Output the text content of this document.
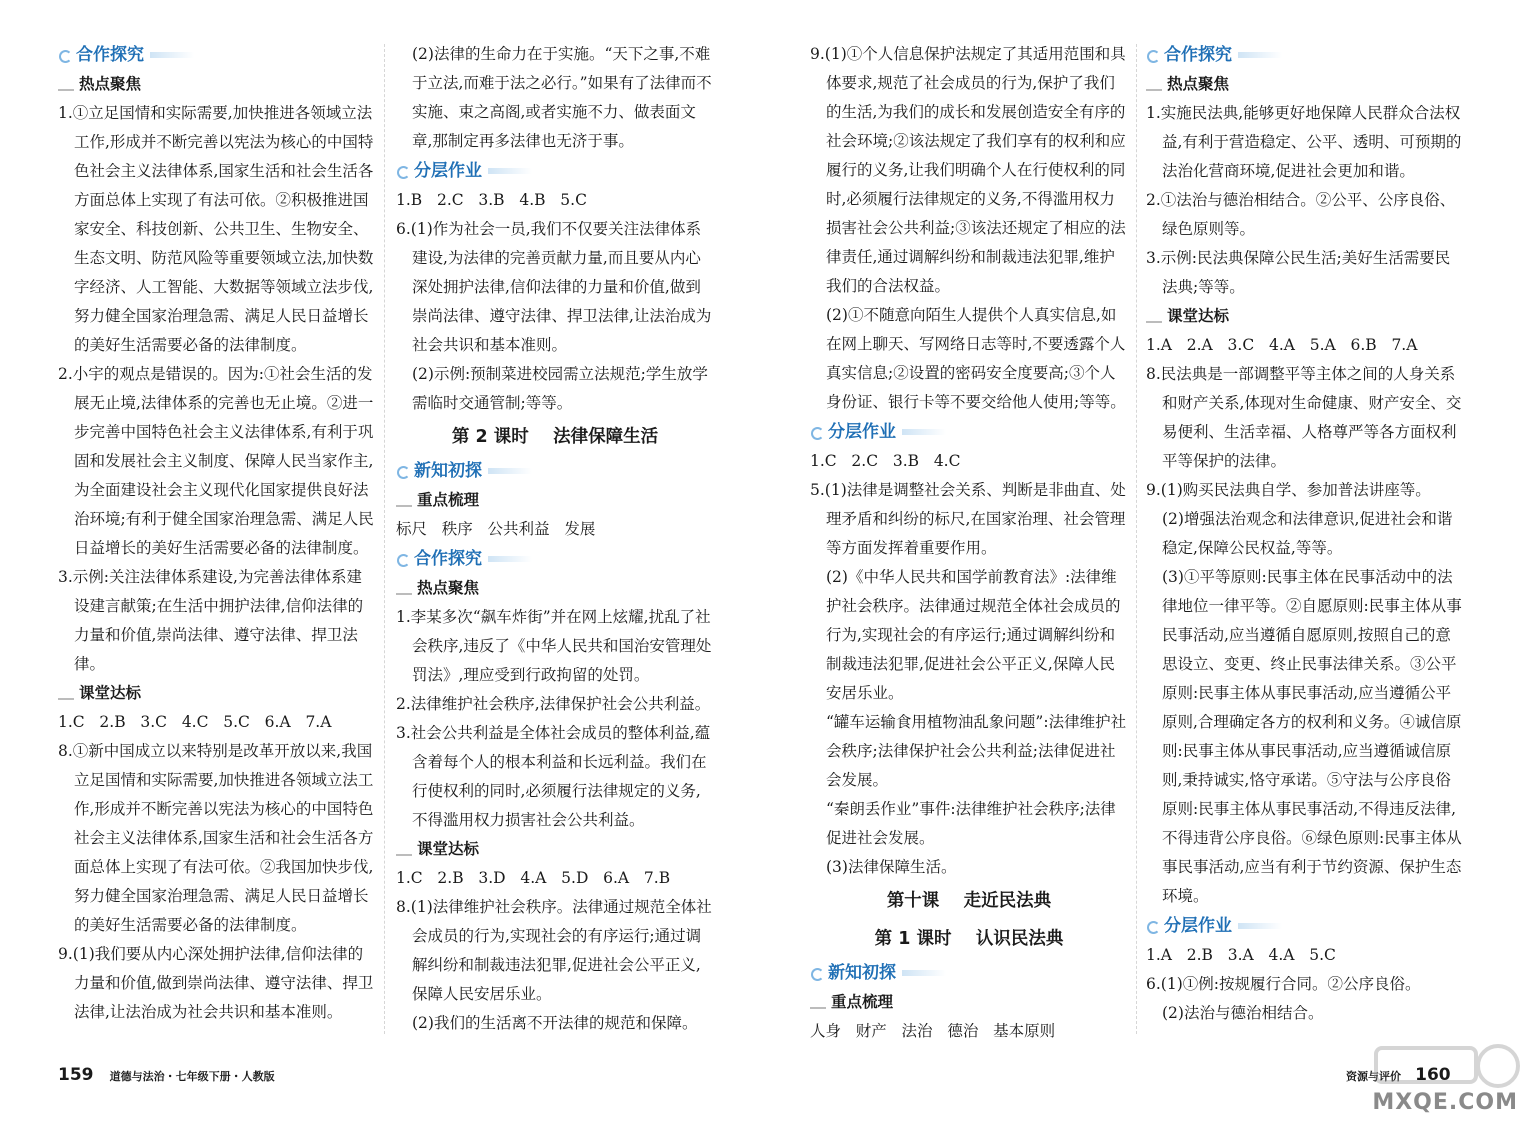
合作探究
热点聚焦

1.①立足国情和实际需要,加快推进各领域立法工作,形成并不断完善以宪法为核心的中国特色社会主义法律体系,国家生活和社会生活各方面总体上实现了有法可依。②积极推进国家安全、科技创新、公共卫生、生物安全、生态文明、防范风险等重要领域立法,加快数字经济、人工智能、大数据等领域立法步伐,努力健全国家治理急需、满足人民日益增长的美好生活需要必备的法律制度。

2.小宇的观点是错误的。因为:①社会生活的发展无止境,法律体系的完善也无止境。②进一步完善中国特色社会主义法律体系,有利于巩固和发展社会主义制度、保障人民当家作主,为全面建设社会主义现代化国家提供良好法治环境;有利于健全国家治理急需、满足人民日益增长的美好生活需要必备的法律制度。

3.示例:关注法律体系建设,为完善法律体系建设建言献策;在生活中拥护法律,信仰法律的力量和价值,崇尚法律、遵守法律、捍卫法律。

课堂达标

1.C   2.B   3.C   4.C   5.C   6.A   7.A

8.①新中国成立以来特别是改革开放以来,我国立足国情和实际需要,加快推进各领域立法工作,形成并不断完善以宪法为核心的中国特色社会主义法律体系,国家生活和社会生活各方面总体上实现了有法可依。②我国加快步伐,努力健全国家治理急需、满足人民日益增长的美好生活需要必备的法律制度。

9.(1)我们要从内心深处拥护法律,信仰法律的力量和价值,做到崇尚法律、遵守法律、捍卫法律,让法治成为社会共识和基本准则。

(2)法律的生命力在于实施。“天下之事,不难于立法,而难于法之必行。”如果有了法律而不实施、束之高阁,或者实施不力、做表面文章,那制定再多法律也无济于事。

分层作业

1.B   2.C   3.B   4.B   5.C

6.(1)作为社会一员,我们不仅要关注法律体系建设,为法律的完善贡献力量,而且要从内心深处拥护法律,信仰法律的力量和价值,做到崇尚法律、遵守法律、捍卫法律,让法治成为社会共识和基本准则。

(2)示例:预制菜进校园需立法规范;学生放学需临时交通管制;等等。

第 2 课时    法律保障生活
新知初探
重点梳理

标尺   秩序   公共利益   发展

合作探究
热点聚焦

1.李某多次“飙车炸街”并在网上炫耀,扰乱了社会秩序,违反了《中华人民共和国治安管理处罚法》,理应受到行政拘留的处罚。

2.法律维护社会秩序,法律保护社会公共利益。

3.社会公共利益是全体社会成员的整体利益,蕴含着每个人的根本利益和长远利益。我们在行使权利的同时,必须履行法律规定的义务,不得滥用权力损害社会公共利益。

课堂达标

1.C   2.B   3.D   4.A   5.D   6.A   7.B

8.(1)法律维护社会秩序。法律通过规范全体社会成员的行为,实现社会的有序运行;通过调解纠纷和制裁违法犯罪,促进社会公平正义,保障人民安居乐业。

(2)我们的生活离不开法律的规范和保障。

159 道德与法治・七年级下册・人教版

9.(1)①个人信息保护法规定了其适用范围和具体要求,规范了社会成员的行为,保护了我们的生活,为我们的成长和发展创造安全有序的社会环境;②该法规定了我们享有的权利和应履行的义务,让我们明确个人在行使权利的同时,必须履行法律规定的义务,不得滥用权力损害社会公共利益;③该法还规定了相应的法律责任,通过调解纠纷和制裁违法犯罪,维护我们的合法权益。

(2)①不随意向陌生人提供个人真实信息,如在网上聊天、写网络日志等时,不要透露个人真实信息;②设置的密码安全度要高;③个人身份证、银行卡等不要交给他人使用;等等。

分层作业

1.C   2.C   3.B   4.C

5.(1)法律是调整社会关系、判断是非曲直、处理矛盾和纠纷的标尺,在国家治理、社会管理等方面发挥着重要作用。

(2)《中华人民共和国学前教育法》:法律维护社会秩序。法律通过规范全体社会成员的行为,实现社会的有序运行;通过调解纠纷和制裁违法犯罪,促进社会公平正义,保障人民安居乐业。

“罐车运输食用植物油乱象问题”:法律维护社会秩序;法律保护社会公共利益;法律促进社会发展。

“秦朗丢作业”事件:法律维护社会秩序;法律促进社会发展。

(3)法律保障生活。

第十课    走近民法典
第 1 课时    认识民法典
新知初探
重点梳理

人身   财产   法治   德治   基本原则

合作探究
热点聚焦

1.实施民法典,能够更好地保障人民群众合法权益,有利于营造稳定、公平、透明、可预期的法治化营商环境,促进社会更加和谐。

2.①法治与德治相结合。②公平、公序良俗、绿色原则等。

3.示例:民法典保障公民生活;美好生活需要民法典;等等。

课堂达标

1.A   2.A   3.C   4.A   5.A   6.B   7.A

8.民法典是一部调整平等主体之间的人身关系和财产关系,体现对生命健康、财产安全、交易便利、生活幸福、人格尊严等各方面权利平等保护的法律。

9.(1)购买民法典自学、参加普法讲座等。

(2)增强法治观念和法律意识,促进社会和谐稳定,保障公民权益,等等。

(3)①平等原则:民事主体在民事活动中的法律地位一律平等。②自愿原则:民事主体从事民事活动,应当遵循自愿原则,按照自己的意思设立、变更、终止民事法律关系。③公平原则:民事主体从事民事活动,应当遵循公平原则,合理确定各方的权利和义务。④诚信原则:民事主体从事民事活动,应当遵循诚信原则,秉持诚实,恪守承诺。⑤守法与公序良俗原则:民事主体从事民事活动,不得违反法律,不得违背公序良俗。⑥绿色原则:民事主体从事民事活动,应当有利于节约资源、保护生态环境。

分层作业

1.A   2.B   3.A   4.A   5.C

6.(1)①例:按规履行合同。②公序良俗。

(2)法治与德治相结合。

资源与评价 160
MXQE.COM
